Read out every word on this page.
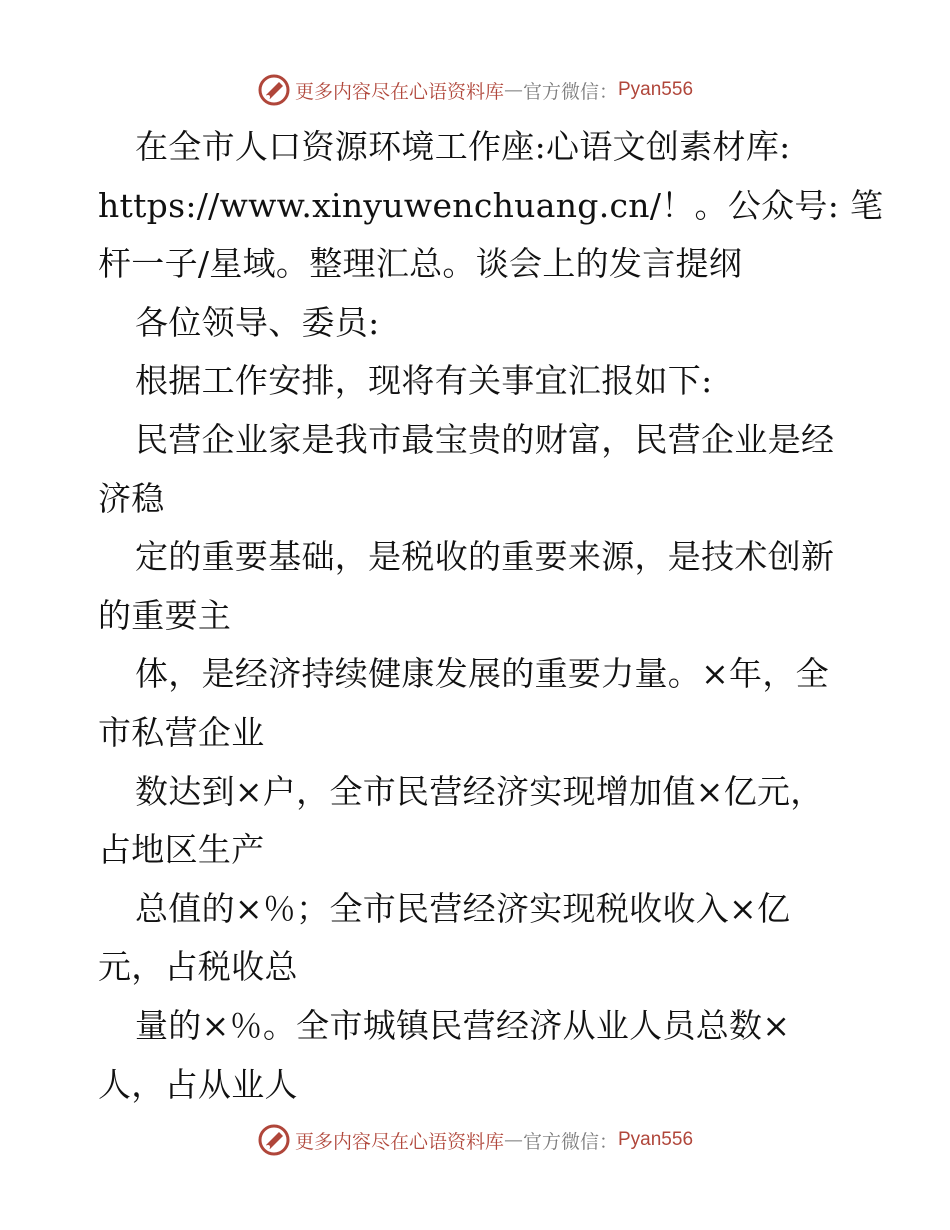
更多内容尽在心语资料库 — 官方微信： Pyan556
在全市人口资源环境工作座:心语文创素材库:
https://www.xinyuwenchuang.cn/！。公众号: 笔
杆一子/星域。整理汇总。谈会上的发言提纲
各位领导、委员:
根据工作安排，现将有关事宜汇报如下:
民营企业家是我市最宝贵的财富，民营企业是经
济稳
定的重要基础，是税收的重要来源，是技术创新
的重要主
体，是经济持续健康发展的重要力量。×年，全
市私营企业
数达到×户，全市民营经济实现增加值×亿元，
占地区生产
总值的×％；全市民营经济实现税收收入×亿
元，占税收总
量的×％。全市城镇民营经济从业人员总数×
人，占从业人
更多内容尽在心语资料库 — 官方微信： Pyan556
